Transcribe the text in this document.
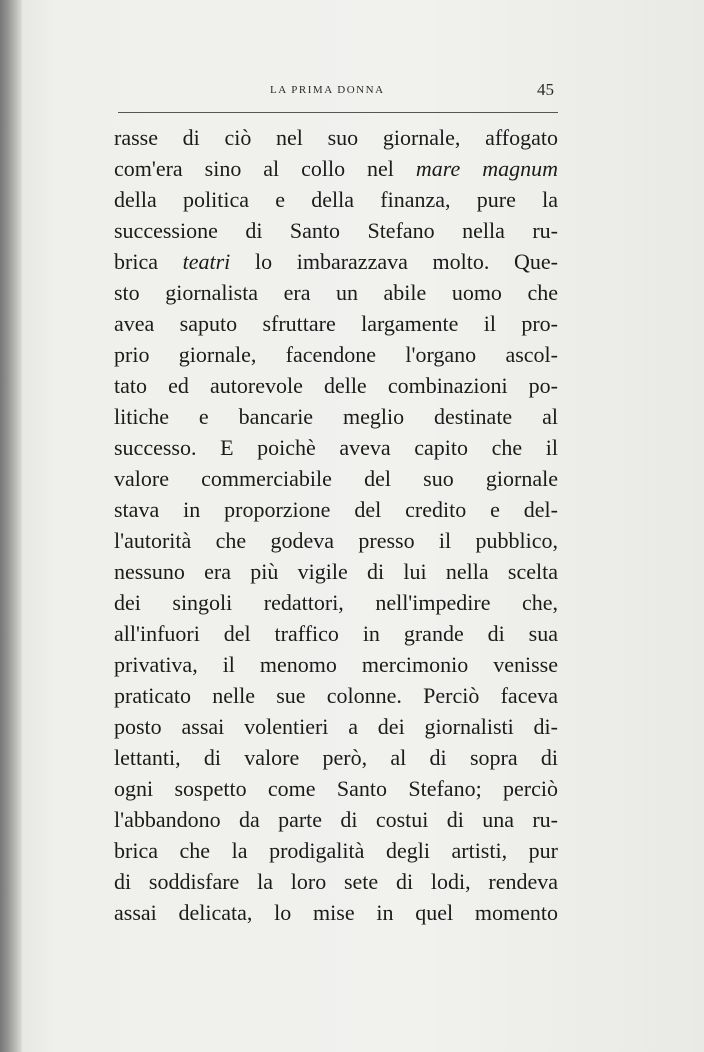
LA PRIMA DONNA	45
rasse di ciò nel suo giornale, affogato
com'era sino al collo nel mare magnum
della politica e della finanza, pure la
successione di Santo Stefano nella ru-
brica teatri lo imbarazzava molto. Que-
sto giornalista era un abile uomo che
avea saputo sfruttare largamente il pro-
prio giornale, facendone l'organo ascol-
tato ed autorevole delle combinazioni po-
litiche e bancarie meglio destinate al
successo. E poichè aveva capito che il
valore commerciabile del suo giornale
stava in proporzione del credito e del-
l'autorità che godeva presso il pubblico,
nessuno era più vigile di lui nella scelta
dei singoli redattori, nell'impedire che,
all'infuori del traffico in grande di sua
privativa, il menomo mercimonio venisse
praticato nelle sue colonne. Perciò faceva
posto assai volentieri a dei giornalisti di-
lettanti, di valore però, al di sopra di
ogni sospetto come Santo Stefano; perciò
l'abbandono da parte di costui di una ru-
brica che la prodigalità degli artisti, pur
di soddisfare la loro sete di lodi, rendeva
assai delicata, lo mise in quel momento
